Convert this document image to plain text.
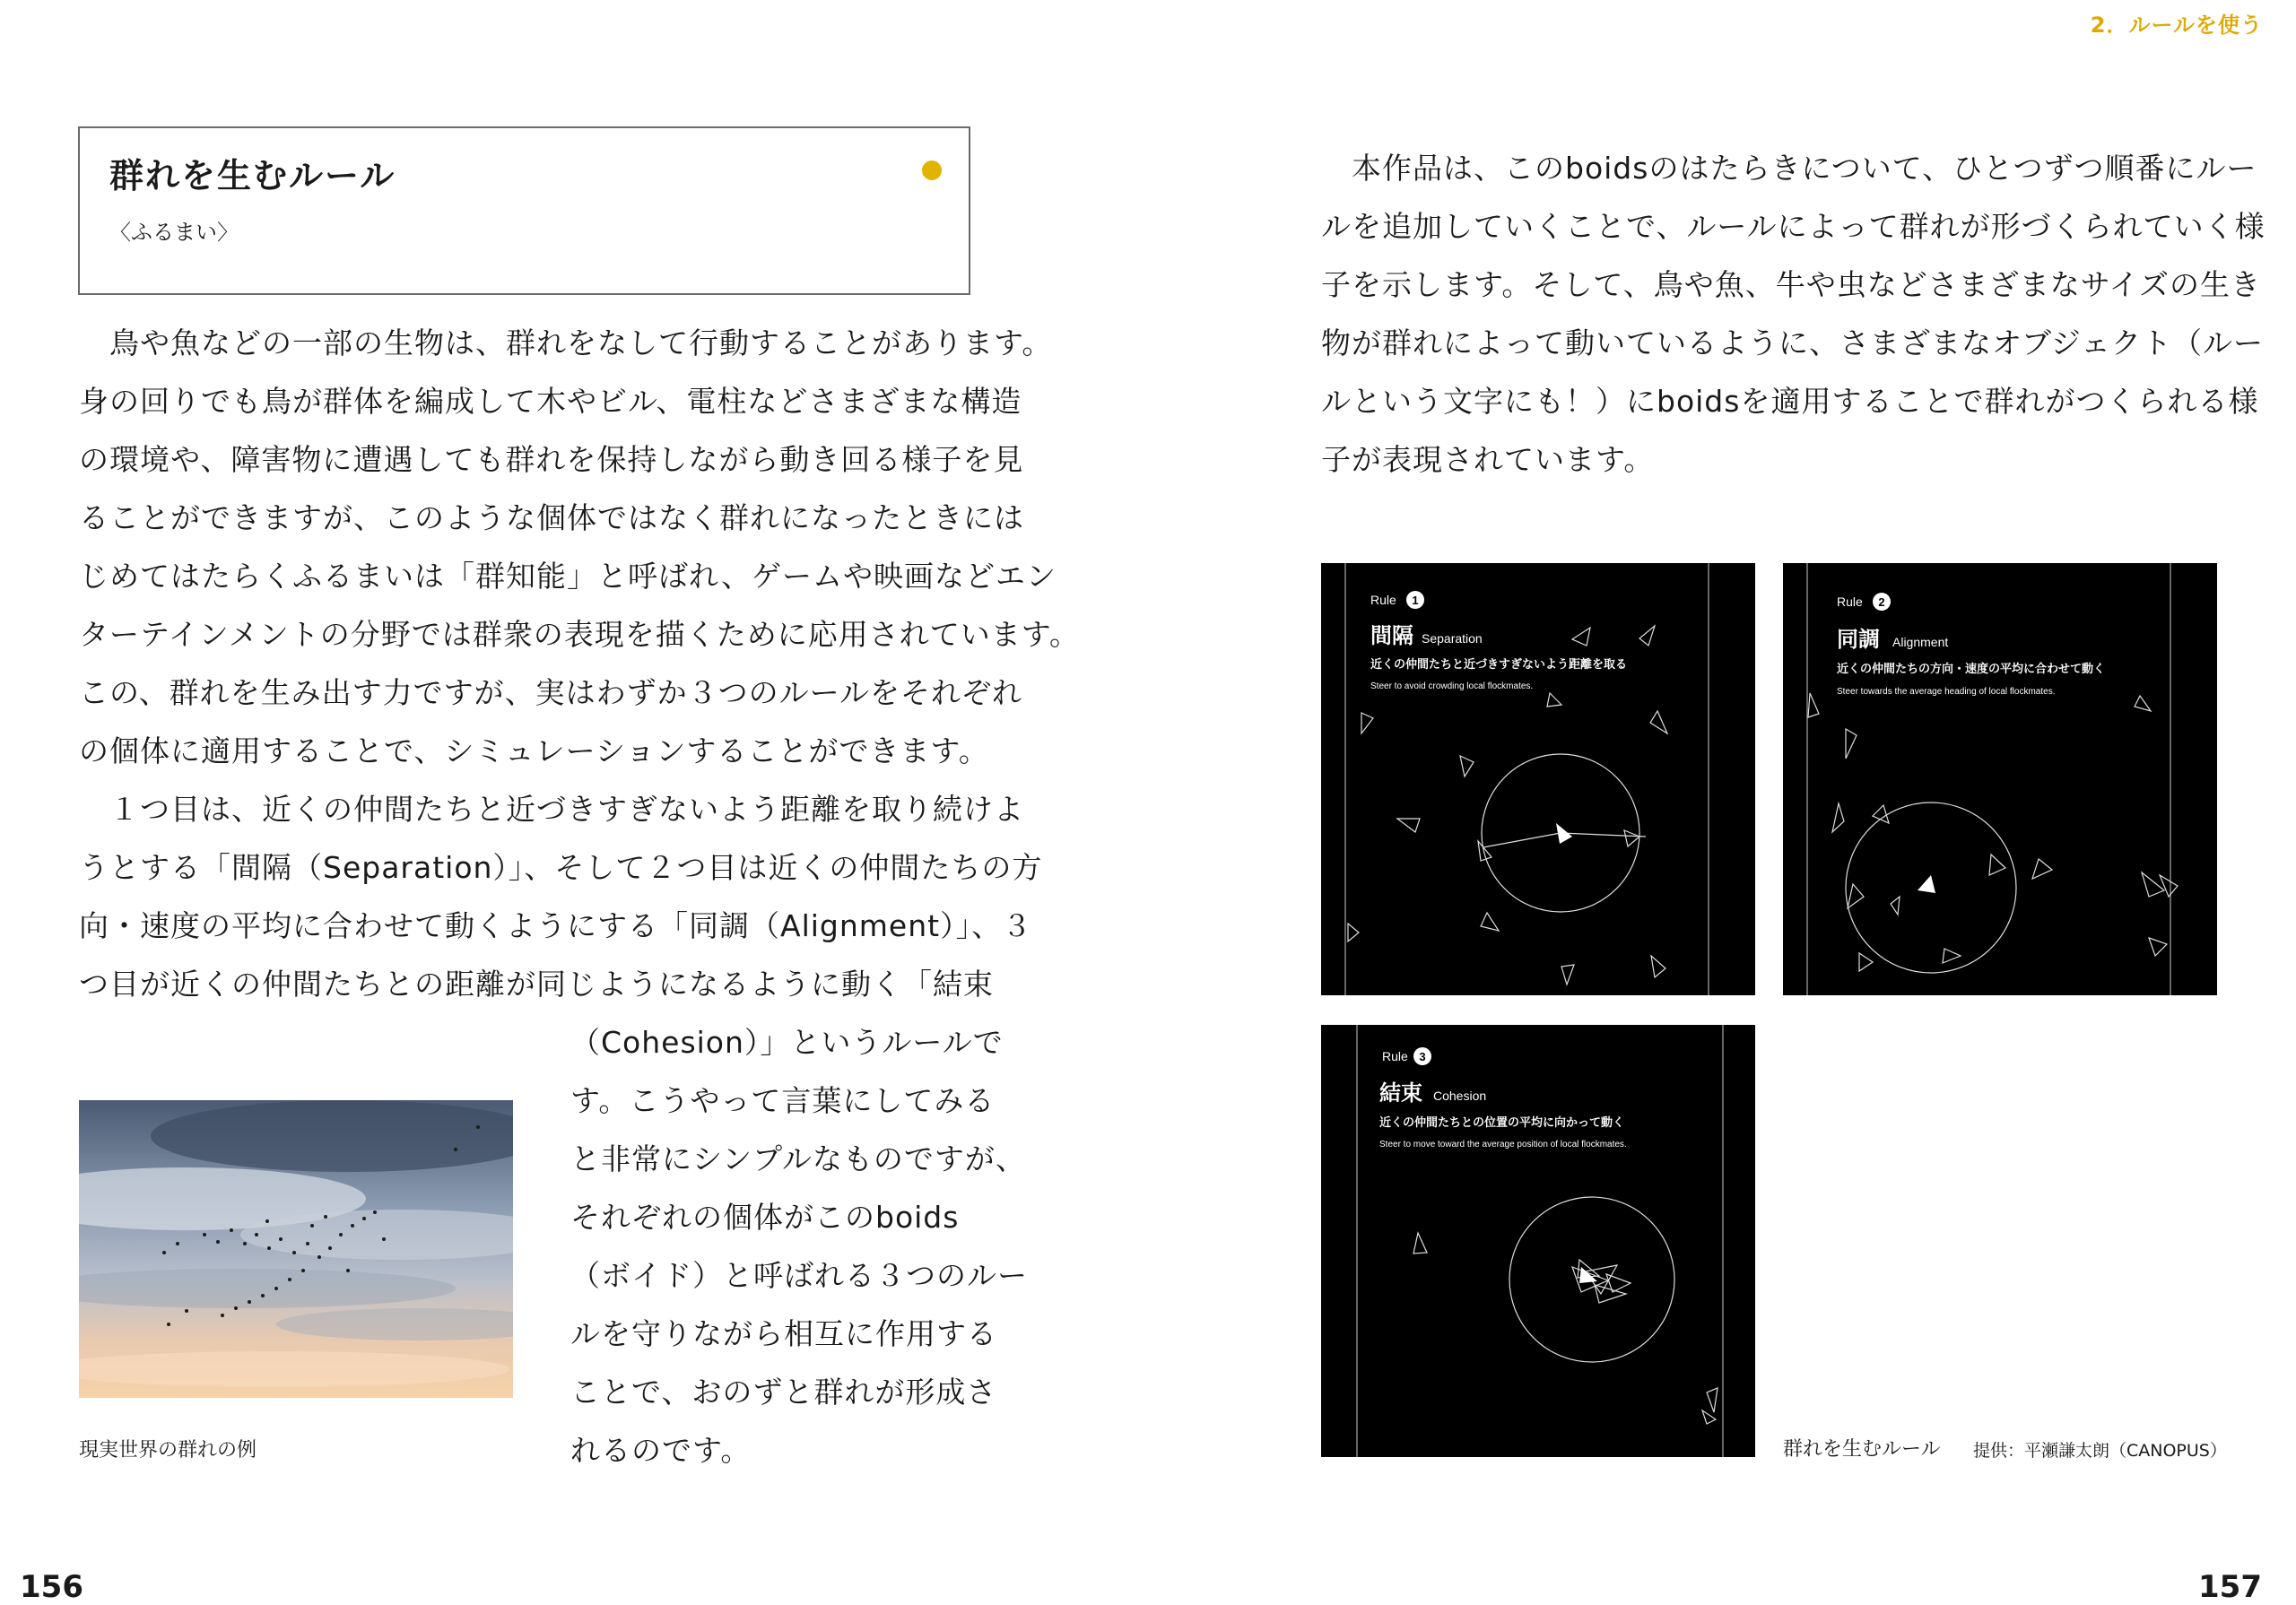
2．ルールを使う
群れを生むルール
〈ふるまい〉
　鳥や魚などの一部の生物は、群れをなして行動することがあります。
身の回りでも鳥が群体を編成して木やビル、電柱などさまざまな構造
の環境や、障害物に遭遇しても群れを保持しながら動き回る様子を見
ることができますが、このような個体ではなく群れになったときには
じめてはたらくふるまいは「群知能」と呼ばれ、ゲームや映画などエン
ターテインメントの分野では群衆の表現を描くために応用されています。
この、群れを生み出す力ですが、実はわずか３つのルールをそれぞれ
の個体に適用することで、シミュレーションすることができます。
　１つ目は、近くの仲間たちと近づきすぎないよう距離を取り続けよ
うとする「間隔（Separation）」、そして２つ目は近くの仲間たちの方
向・速度の平均に合わせて動くようにする「同調（Alignment）」、３
つ目が近くの仲間たちとの距離が同じようになるように動く「結束
（Cohesion）」というルールで
す。こうやって言葉にしてみる
と非常にシンプルなものですが、
それぞれの個体がこのboids
（ボイド）と呼ばれる３つのルー
ルを守りながら相互に作用する
ことで、おのずと群れが形成さ
れるのです。
現実世界の群れの例
　本作品は、このboidsのはたらきについて、ひとつずつ順番にルー
ルを追加していくことで、ルールによって群れが形づくられていく様
子を示します。そして、鳥や魚、牛や虫などさまざまなサイズの生き
物が群れによって動いているように、さまざまなオブジェクト（ルー
ルという文字にも！）にboidsを適用することで群れがつくられる様
子が表現されています。
Rule 1
間隔 Separation
近くの仲間たちと近づきすぎないよう距離を取る
Steer to avoid crowding local flockmates.
Rule 2
同調 Alignment
近くの仲間たちの方向・速度の平均に合わせて動く
Steer towards the average heading of local flockmates.
Rule 3
結束 Cohesion
近くの仲間たちとの位置の平均に向かって動く
Steer to move toward the average position of local flockmates.
群れを生むルール 提供：平瀬謙太朗（CANOPUS）
156	157
